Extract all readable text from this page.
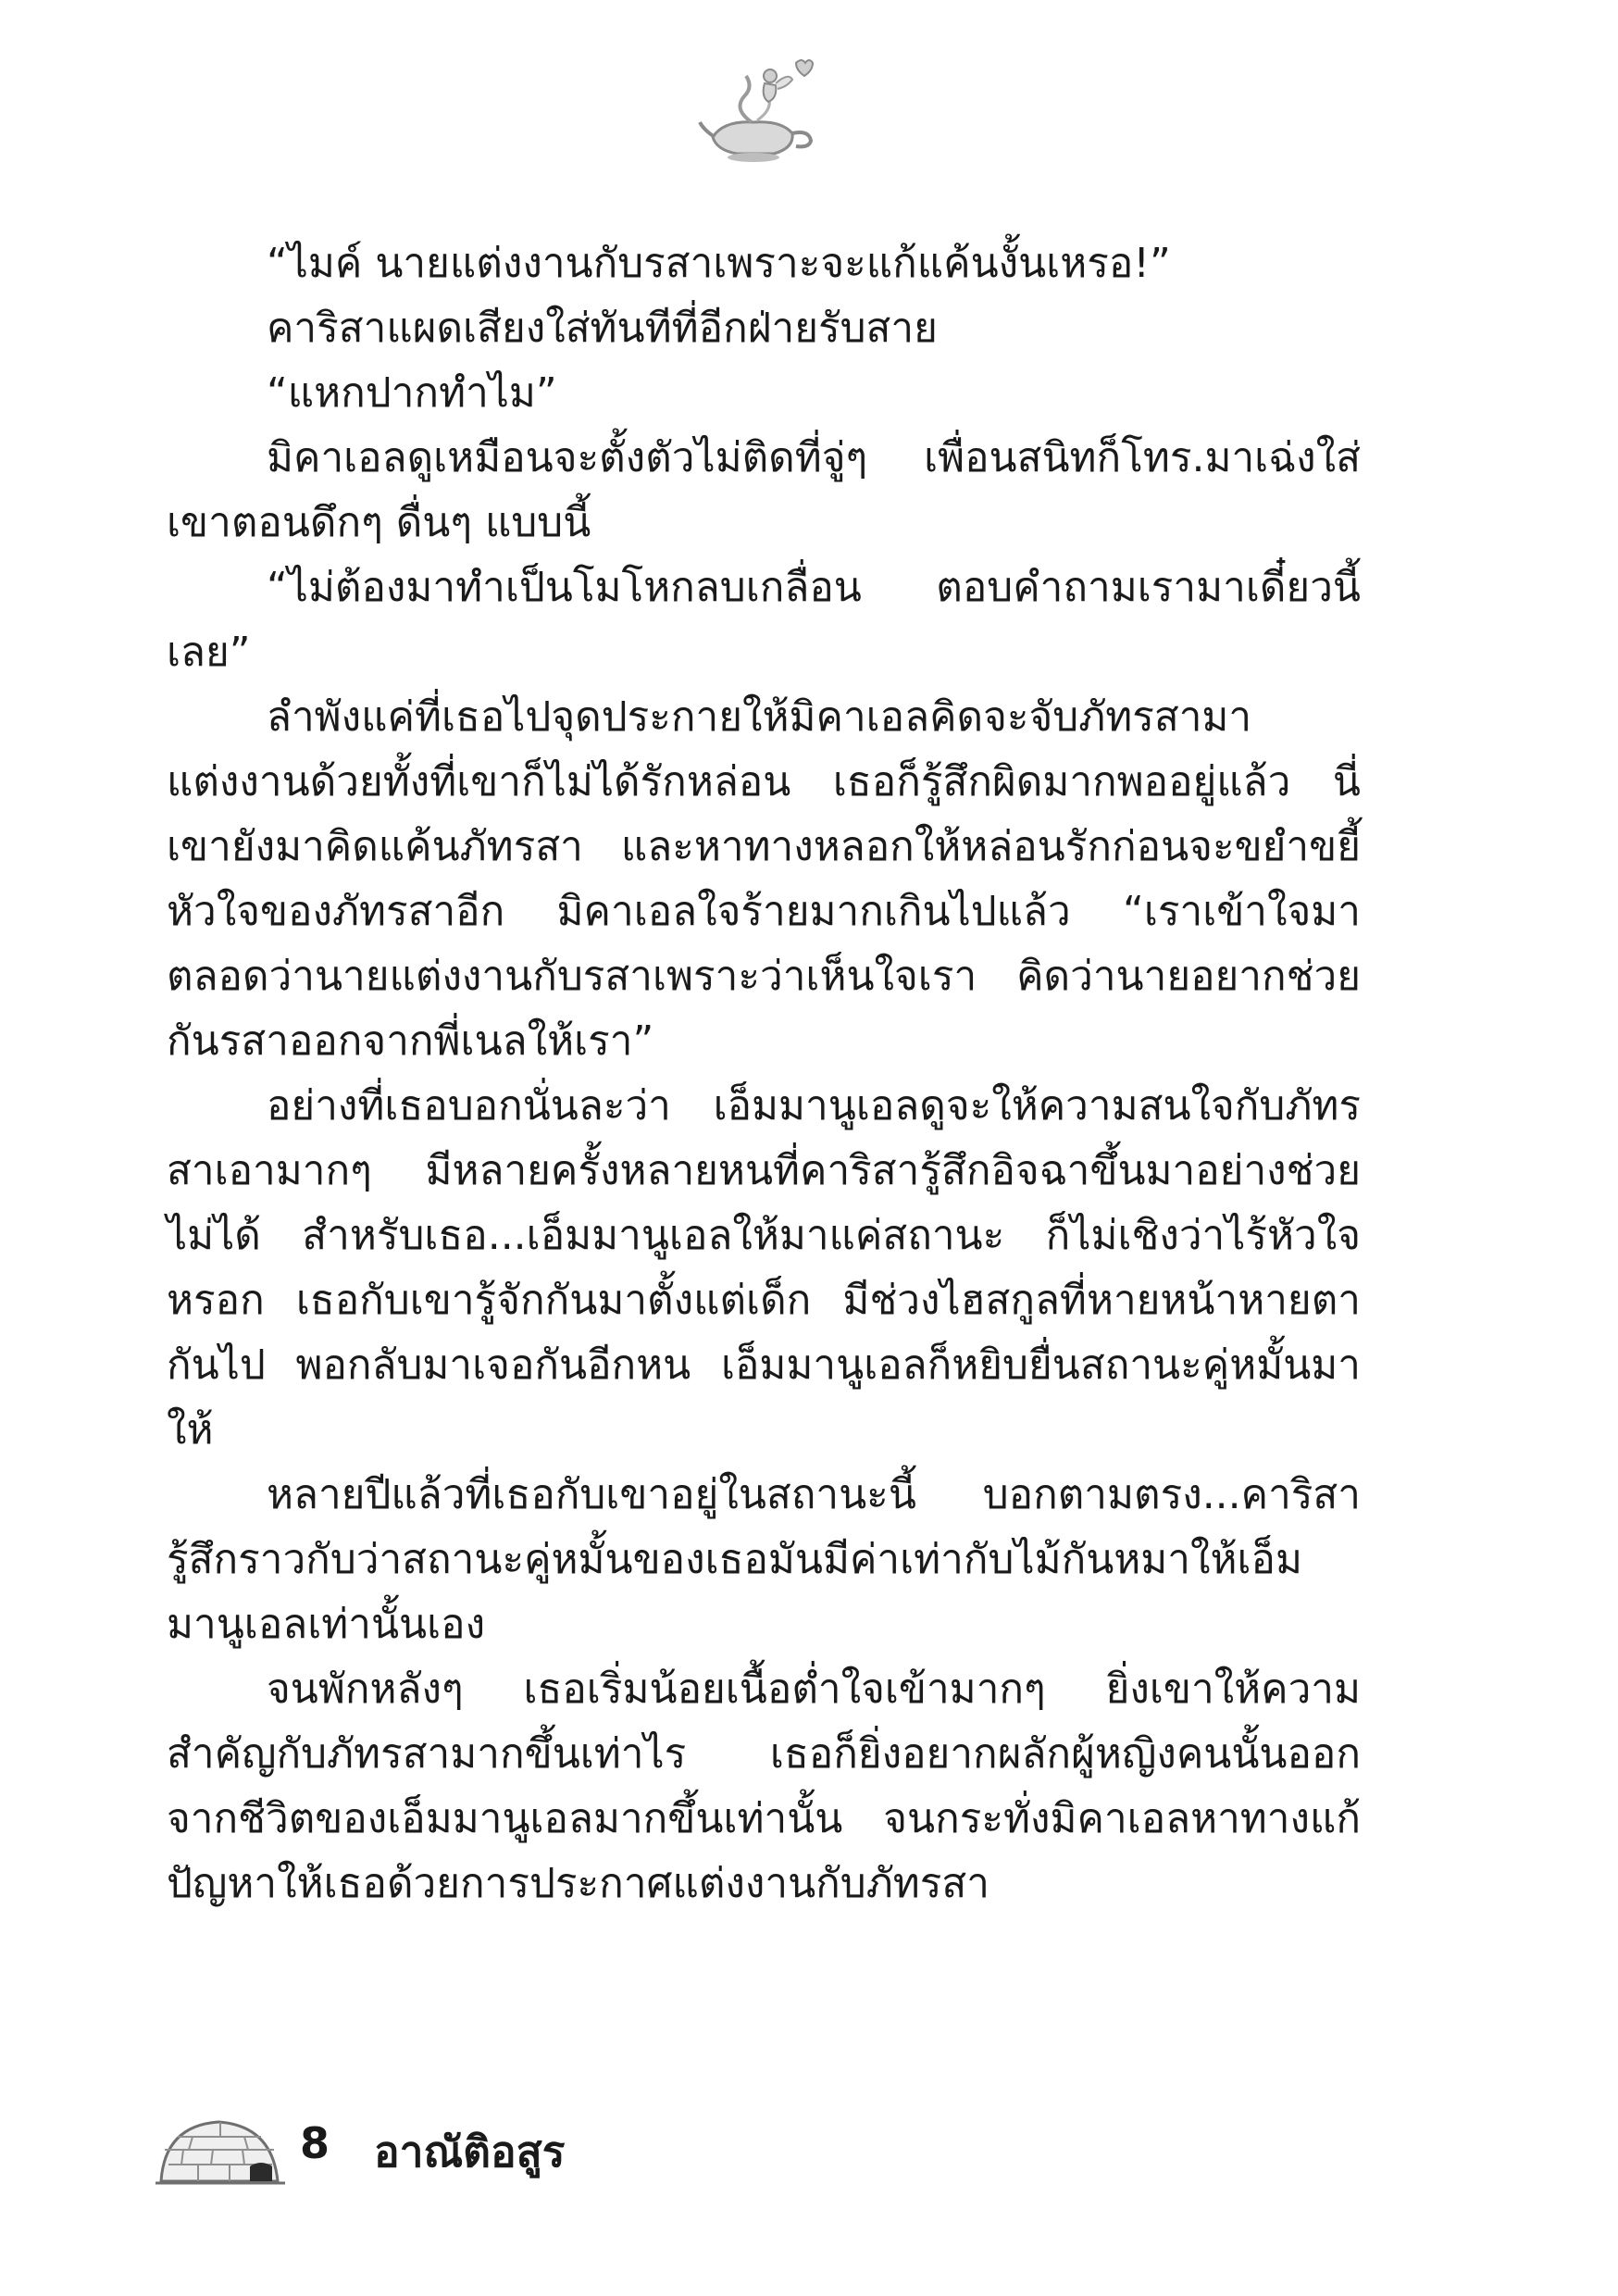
“ไมค์ นายแต่งงานกับรสาเพราะจะแก้แค้นงั้นเหรอ!”

คาริสาแผดเสียงใส่ทันทีที่อีกฝ่ายรับสาย

“แหกปากทำไม”

มิคาเอลดูเหมือนจะตั้งตัวไม่ติดที่จู่ๆ เพื่อนสนิทก็โทร.มาเฉ่งใส่เขาตอนดึกๆ ดื่นๆ แบบนี้

“ไม่ต้องมาทำเป็นโมโหกลบเกลื่อน ตอบคำถามเรามาเดี๋ยวนี้เลย”

ลำพังแค่ที่เธอไปจุดประกายให้มิคาเอลคิดจะจับภัทรสามาแต่งงานด้วยทั้งที่เขาก็ไม่ได้รักหล่อน เธอก็รู้สึกผิดมากพออยู่แล้ว นี่เขายังมาคิดแค้นภัทรสา และหาทางหลอกให้หล่อนรักก่อนจะขยำขยี้หัวใจของภัทรสาอีก มิคาเอลใจร้ายมากเกินไปแล้ว “เราเข้าใจมาตลอดว่านายแต่งงานกับรสาเพราะว่าเห็นใจเรา คิดว่านายอยากช่วยกันรสาออกจากพี่เนลให้เรา”

อย่างที่เธอบอกนั่นละว่า เอ็มมานูเอลดูจะให้ความสนใจกับภัทรสาเอามากๆ มีหลายครั้งหลายหนที่คาริสารู้สึกอิจฉาขึ้นมาอย่างช่วยไม่ได้ สำหรับเธอ...เอ็มมานูเอลให้มาแค่สถานะ ก็ไม่เชิงว่าไร้หัวใจหรอก เธอกับเขารู้จักกันมาตั้งแต่เด็ก มีช่วงไฮสกูลที่หายหน้าหายตากันไป พอกลับมาเจอกันอีกหน เอ็มมานูเอลก็หยิบยื่นสถานะคู่หมั้นมาให้

หลายปีแล้วที่เธอกับเขาอยู่ในสถานะนี้ บอกตามตรง...คาริสารู้สึกราวกับว่าสถานะคู่หมั้นของเธอมันมีค่าเท่ากับไม้กันหมาให้เอ็มมานูเอลเท่านั้นเอง

จนพักหลังๆ เธอเริ่มน้อยเนื้อต่ำใจเข้ามากๆ ยิ่งเขาให้ความสำคัญกับภัทรสามากขึ้นเท่าไร เธอก็ยิ่งอยากผลักผู้หญิงคนนั้นออกจากชีวิตของเอ็มมานูเอลมากขึ้นเท่านั้น จนกระทั่งมิคาเอลหาทางแก้ปัญหาให้เธอด้วยการประกาศแต่งงานกับภัทรสา

8 อาณัติอสูร
